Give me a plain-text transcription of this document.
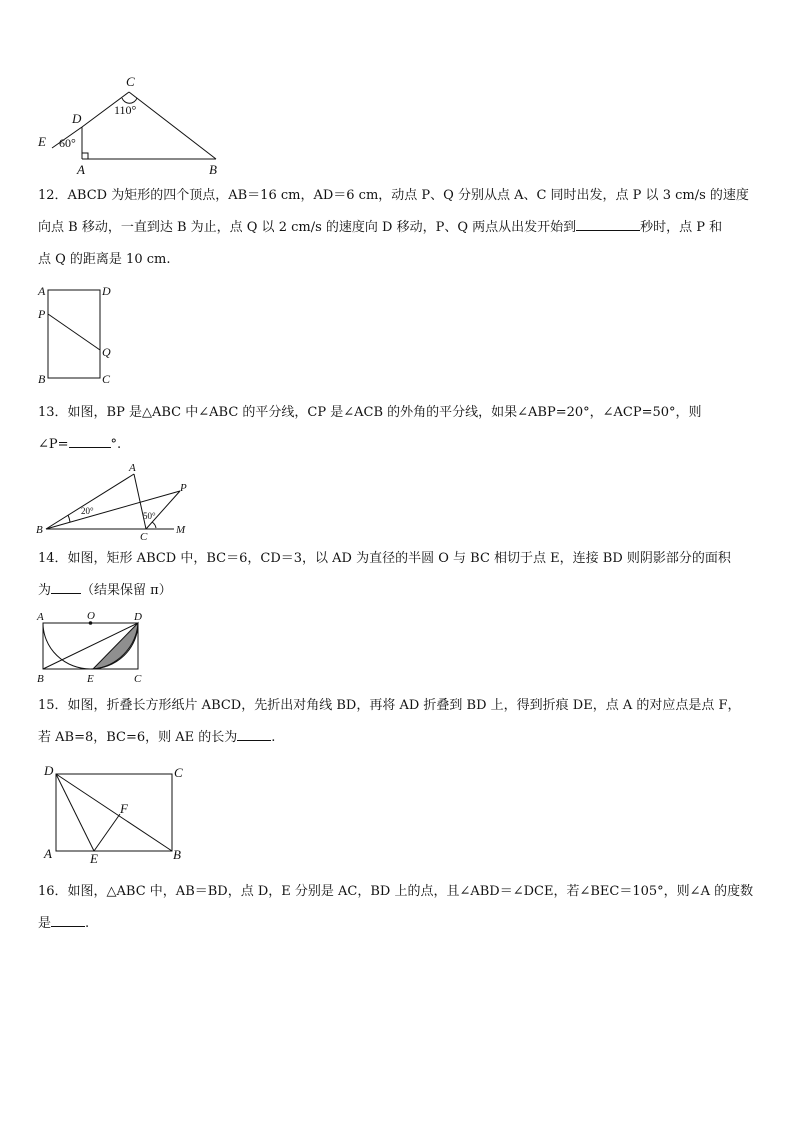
C
D
E
A	B
110°
60°

12．ABCD 为矩形的四个顶点，AB＝16 cm，AD＝6 cm，动点 P、Q 分别从点 A、C 同时出发，点 P 以 3 cm/s 的速度

向点 B 移动，一直到达 B 为止，点 Q 以 2 cm/s 的速度向 D 移动，P、Q 两点从出发开始到	秒时，点 P 和

点 Q 的距离是 10 cm.

A	D
P
Q
B	C

13．如图，BP 是△ABC 中∠ABC 的平分线，CP 是∠ACB 的外角的平分线，如果∠ABP=20°，∠ACP=50°，则

∠P=	°.

A
P
B
C
M
20°	50°

14．如图，矩形 ABCD 中，BC＝6，CD＝3，以 AD 为直径的半圆 O 与 BC 相切于点 E，连接 BD 则阴影部分的面积

为 （结果保留 π）

A	O	D
B	E	C

15．如图，折叠长方形纸片 ABCD，先折出对角线 BD，再将 AD 折叠到 BD 上，得到折痕 DE，点 A 的对应点是点 F，

若 AB=8，BC=6，则 AE 的长为	.

D	C
F
A	E	B

16．如图，△ABC 中，AB＝BD，点 D，E 分别是 AC，BD 上的点，且∠ABD＝∠DCE，若∠BEC＝105°，则∠A 的度数

是	.
